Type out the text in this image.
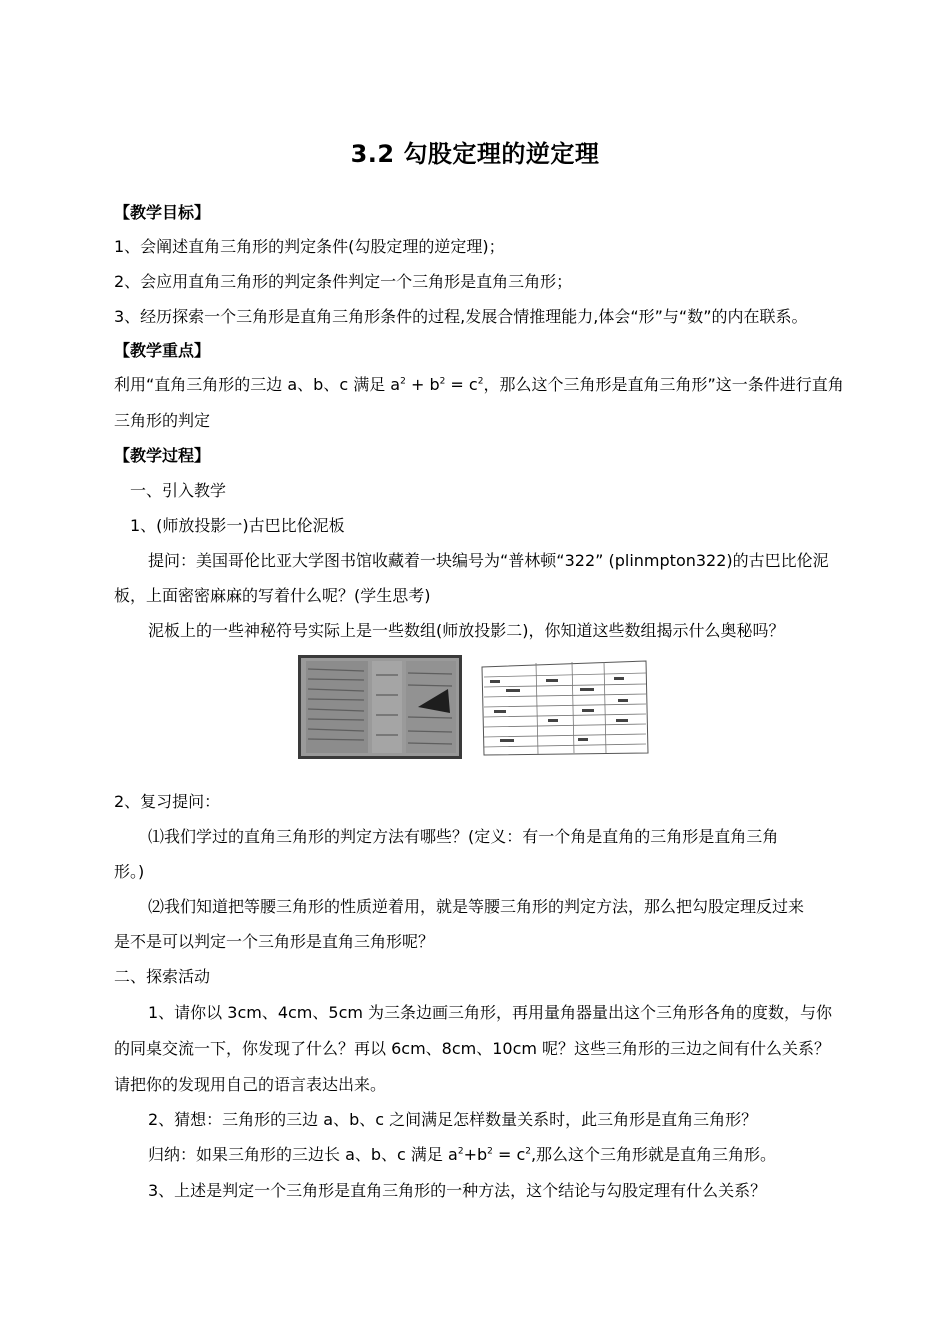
3.2 勾股定理的逆定理
【教学目标】
1、会阐述直角三角形的判定条件(勾股定理的逆定理)；
2、会应用直角三角形的判定条件判定一个三角形是直角三角形；
3、经历探索一个三角形是直角三角形条件的过程,发展合情推理能力,体会“形”与“数”的内在联系。
【教学重点】
利用“直角三角形的三边 a、b、c 满足 $a^2 + b^2 = c^2$，那么这个三角形是直角三角形”这一条件进行直角
三角形的判定
【教学过程】
一、引入教学
1、(师放投影一)古巴比伦泥板
提问：美国哥伦比亚大学图书馆收藏着一块编号为“普林顿“322” (plinmpton322)的古巴比伦泥
板，上面密密麻麻的写着什么呢？(学生思考)
泥板上的一些神秘符号实际上是一些数组(师放投影二)，你知道这些数组揭示什么奥秘吗？
2、复习提问：
⑴我们学过的直角三角形的判定方法有哪些？(定义：有一个角是直角的三角形是直角三角
形。)
⑵我们知道把等腰三角形的性质逆着用，就是等腰三角形的判定方法，那么把勾股定理反过来
是不是可以判定一个三角形是直角三角形呢？
二、探索活动
1、请你以 3cm、4cm、5cm 为三条边画三角形，再用量角器量出这个三角形各角的度数，与你
的同桌交流一下，你发现了什么？再以 6cm、8cm、10cm 呢？这些三角形的三边之间有什么关系？
请把你的发现用自己的语言表达出来。
2、猜想：三角形的三边 a、b、c 之间满足怎样数量关系时，此三角形是直角三角形？
归纳：如果三角形的三边长 a、b、c 满足 $a^2+b^2 = c^2$,那么这个三角形就是直角三角形。
3、上述是判定一个三角形是直角三角形的一种方法，这个结论与勾股定理有什么关系？
